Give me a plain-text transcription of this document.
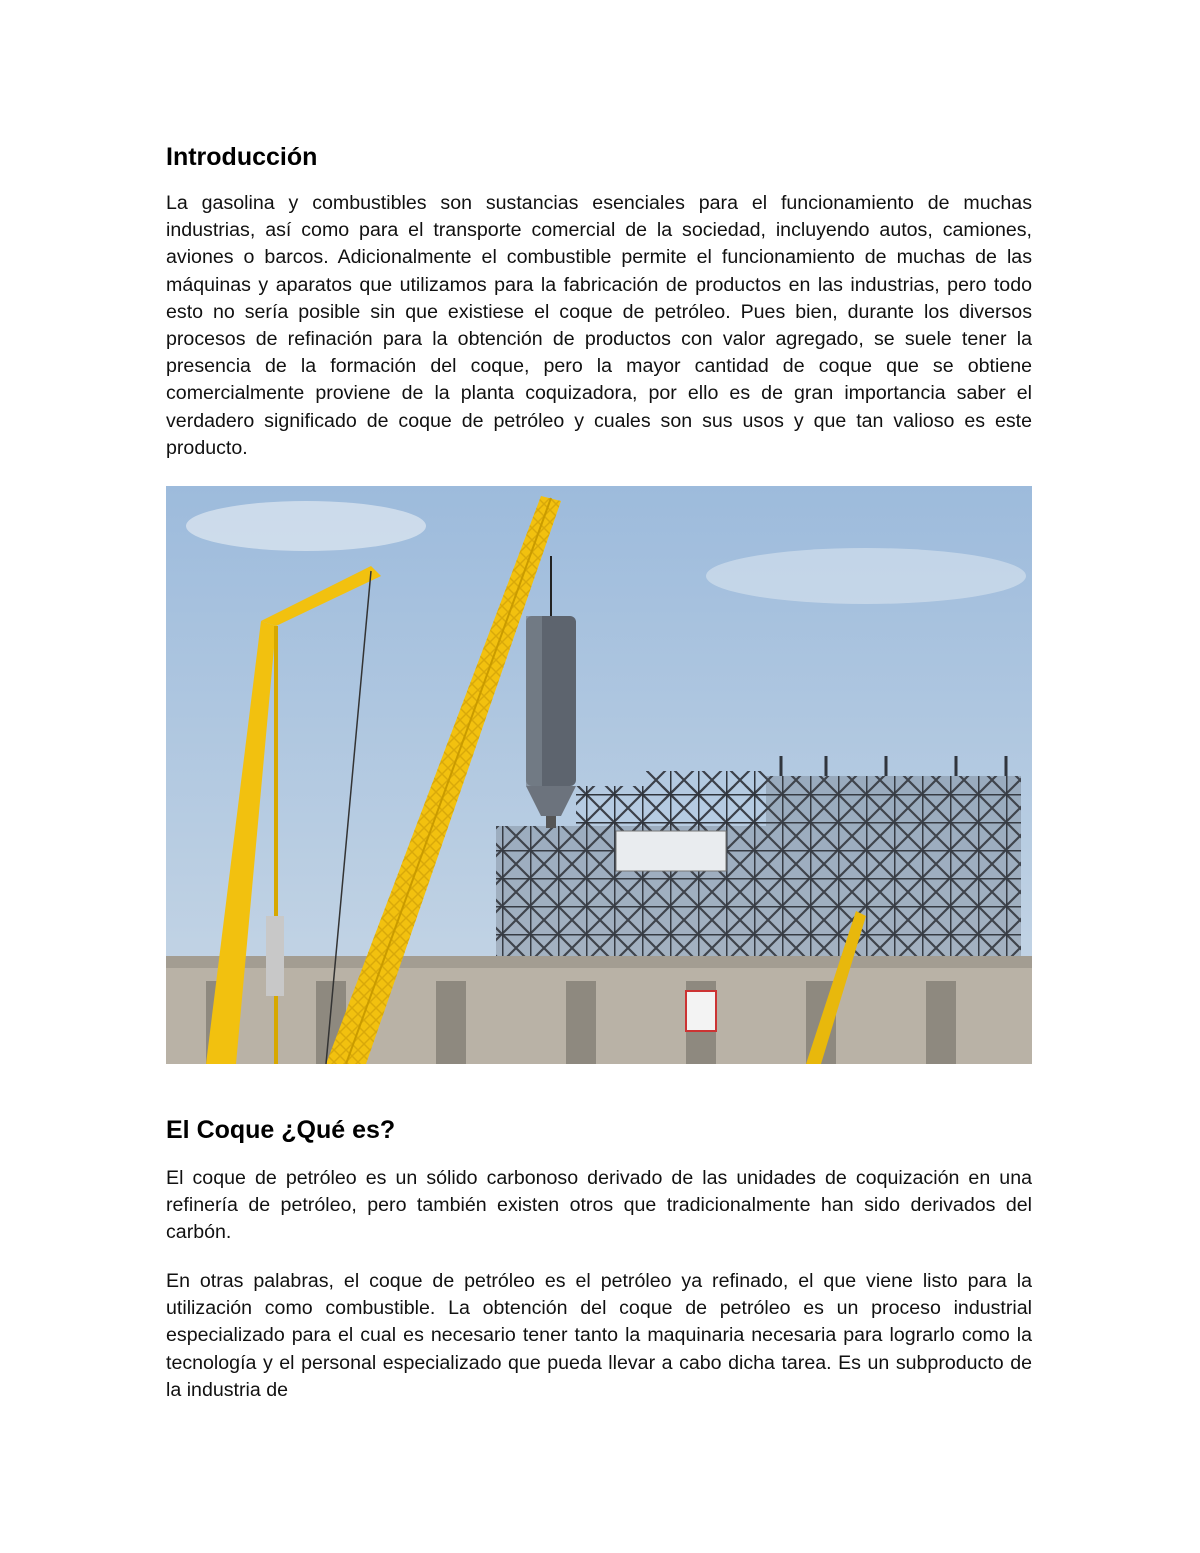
Introducción

La gasolina y combustibles son sustancias esenciales para el funcionamiento de muchas industrias, así como para el transporte comercial de la sociedad, incluyendo autos, camiones, aviones o barcos. Adicionalmente el combustible permite el funcionamiento de muchas de las máquinas y aparatos que utilizamos para la fabricación de productos en las industrias, pero todo esto no sería posible sin que existiese el coque de petróleo. Pues bien, durante los diversos procesos de refinación para la obtención de productos con valor agregado, se suele tener la presencia de la formación del coque, pero la mayor cantidad de coque que se obtiene comercialmente proviene de la planta coquizadora, por ello es de gran importancia saber el verdadero significado de coque de petróleo y cuales son sus usos y que tan valioso es este producto.

El Coque ¿Qué es?

El coque de petróleo es un sólido carbonoso derivado de las unidades de coquización en una refinería de petróleo, pero también existen otros que tradicionalmente han sido derivados del carbón.

En otras palabras, el coque de petróleo es el petróleo ya refinado, el que viene listo para la utilización como combustible. La obtención del coque de petróleo es un proceso industrial especializado para el cual es necesario tener tanto la maquinaria necesaria para lograrlo como la tecnología y el personal especializado que pueda llevar a cabo dicha tarea. Es un subproducto de la industria de
